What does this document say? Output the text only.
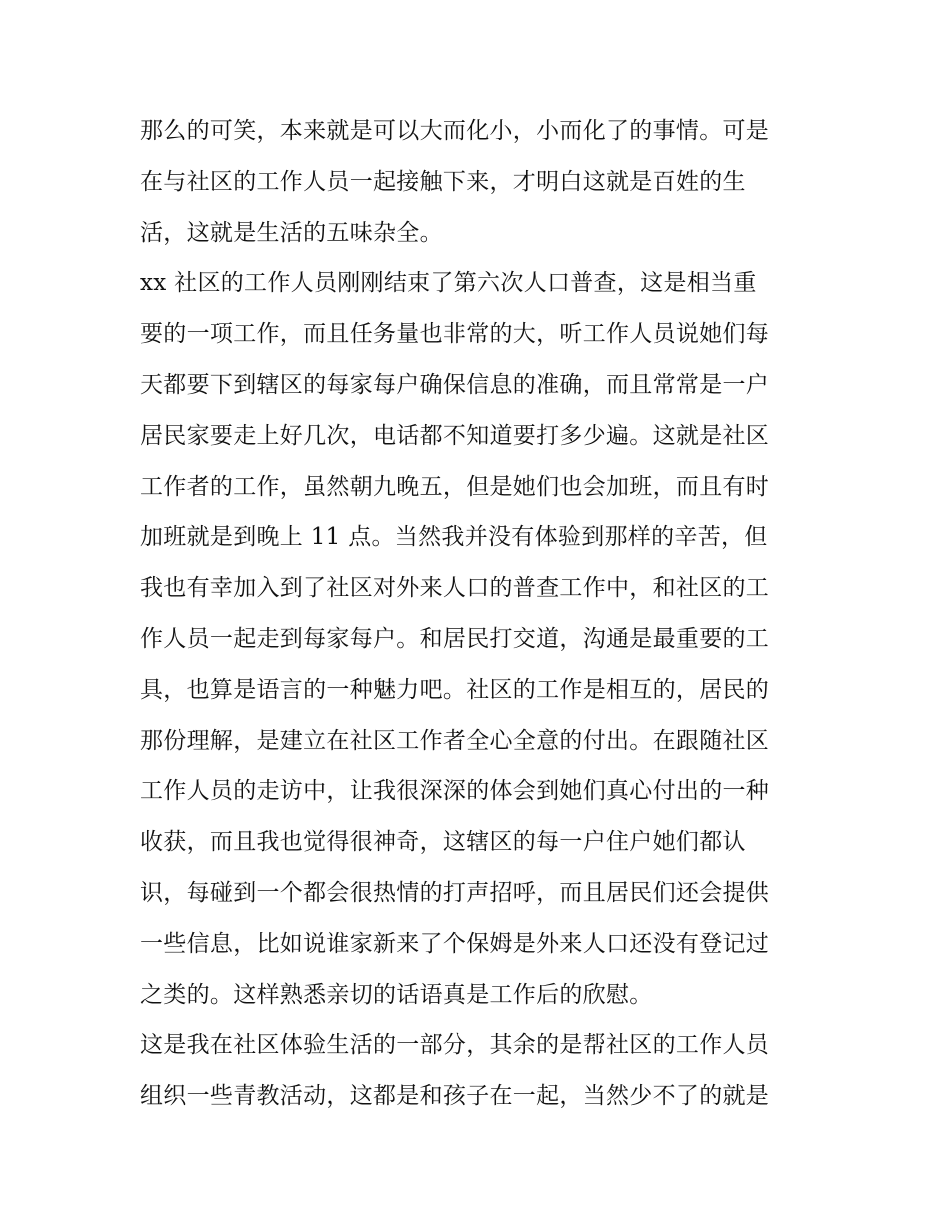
那么的可笑，本来就是可以大而化小，小而化了的事情。可是
在与社区的工作人员一起接触下来，才明白这就是百姓的生
活，这就是生活的五味杂全。
xx 社区的工作人员刚刚结束了第六次人口普查，这是相当重
要的一项工作，而且任务量也非常的大，听工作人员说她们每
天都要下到辖区的每家每户确保信息的准确，而且常常是一户
居民家要走上好几次，电话都不知道要打多少遍。这就是社区
工作者的工作，虽然朝九晚五，但是她们也会加班，而且有时
加班就是到晚上 11 点。当然我并没有体验到那样的辛苦，但
我也有幸加入到了社区对外来人口的普查工作中，和社区的工
作人员一起走到每家每户。和居民打交道，沟通是最重要的工
具，也算是语言的一种魅力吧。社区的工作是相互的，居民的
那份理解，是建立在社区工作者全心全意的付出。在跟随社区
工作人员的走访中，让我很深深的体会到她们真心付出的一种
收获，而且我也觉得很神奇，这辖区的每一户住户她们都认
识，每碰到一个都会很热情的打声招呼，而且居民们还会提供
一些信息，比如说谁家新来了个保姆是外来人口还没有登记过
之类的。这样熟悉亲切的话语真是工作后的欣慰。
这是我在社区体验生活的一部分，其余的是帮社区的工作人员
组织一些青教活动，这都是和孩子在一起，当然少不了的就是
